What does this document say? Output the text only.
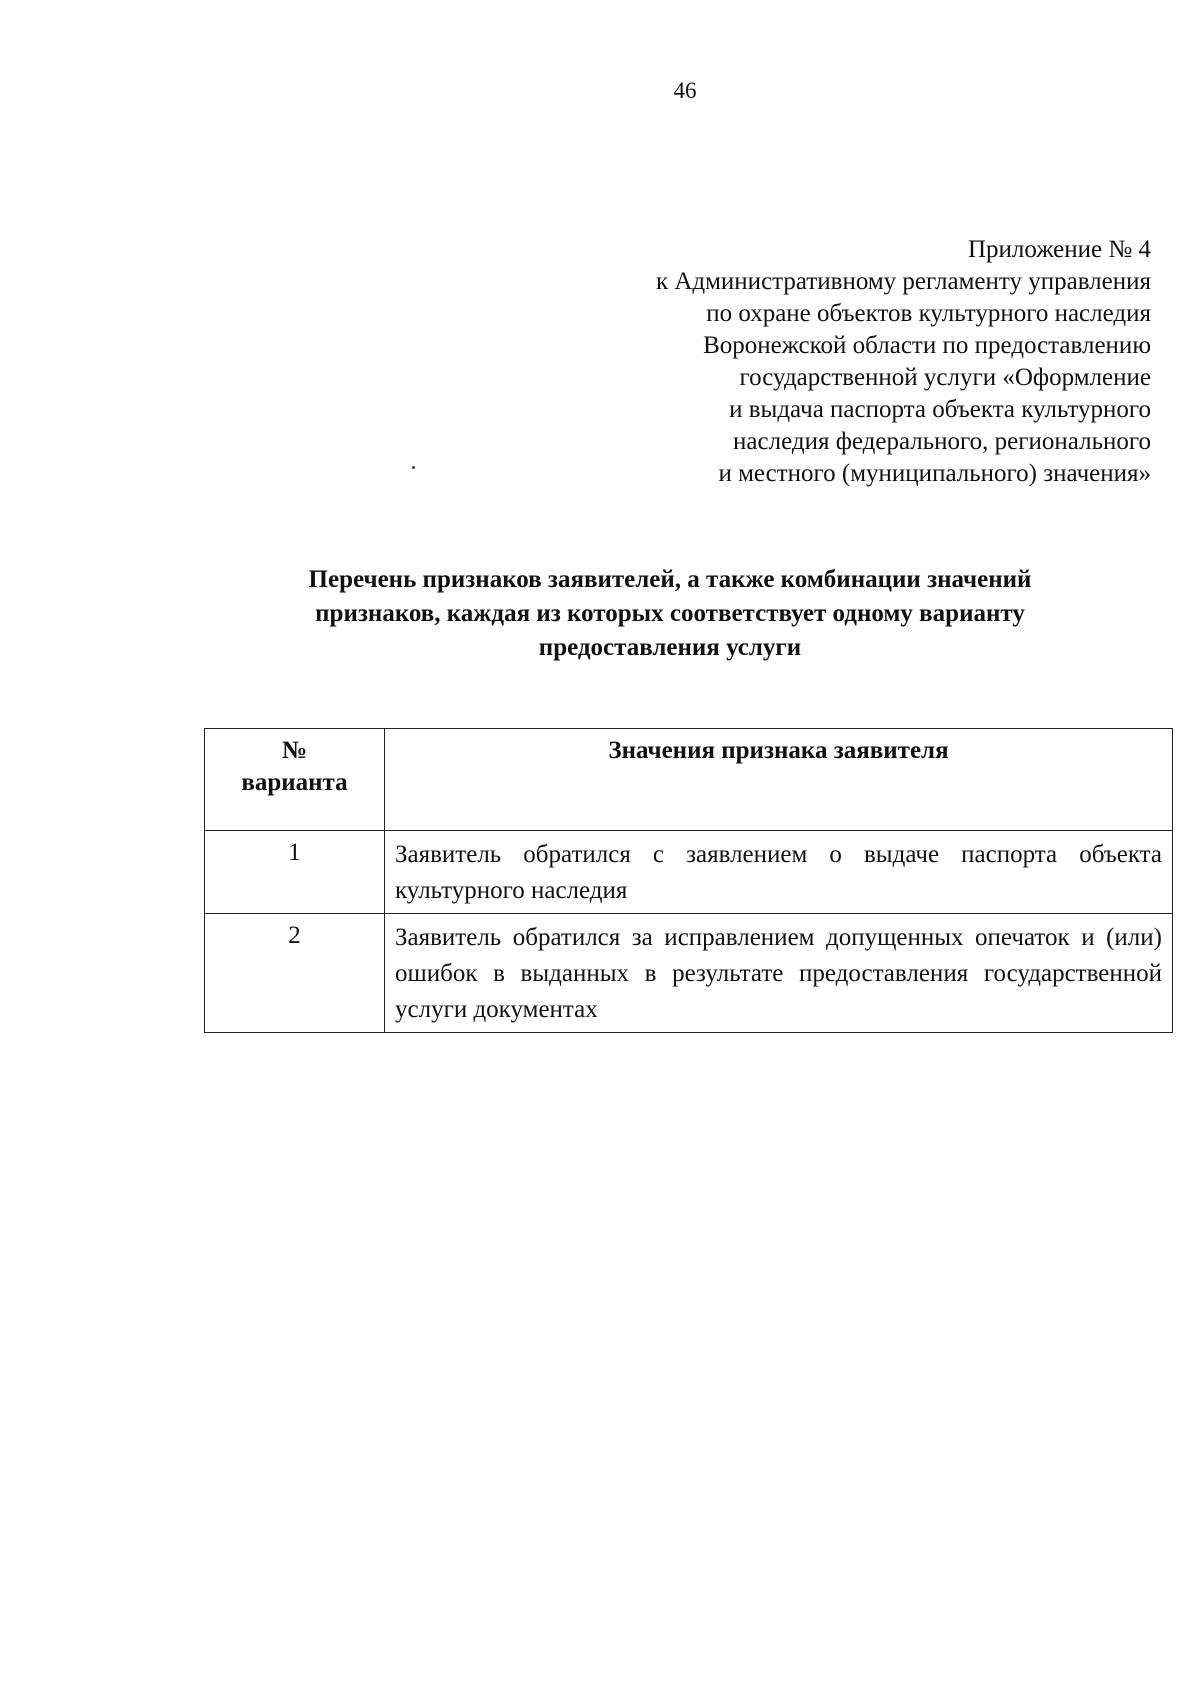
46
Приложение № 4
к Административному регламенту управления
по охране объектов культурного наследия
Воронежской области по предоставлению
государственной услуги «Оформление
и выдача паспорта объекта культурного
наследия федерального, регионального
и местного (муниципального) значения»
Перечень признаков заявителей, а также комбинации значений
признаков, каждая из которых соответствует одному варианту
предоставления услуги
№
варианта	Значения признака заявителя
1	Заявитель обратился с заявлением о выдаче паспорта объекта культурного наследия
2	Заявитель обратился за исправлением допущенных опечаток и (или) ошибок в выданных в результате предоставления государственной услуги документах
